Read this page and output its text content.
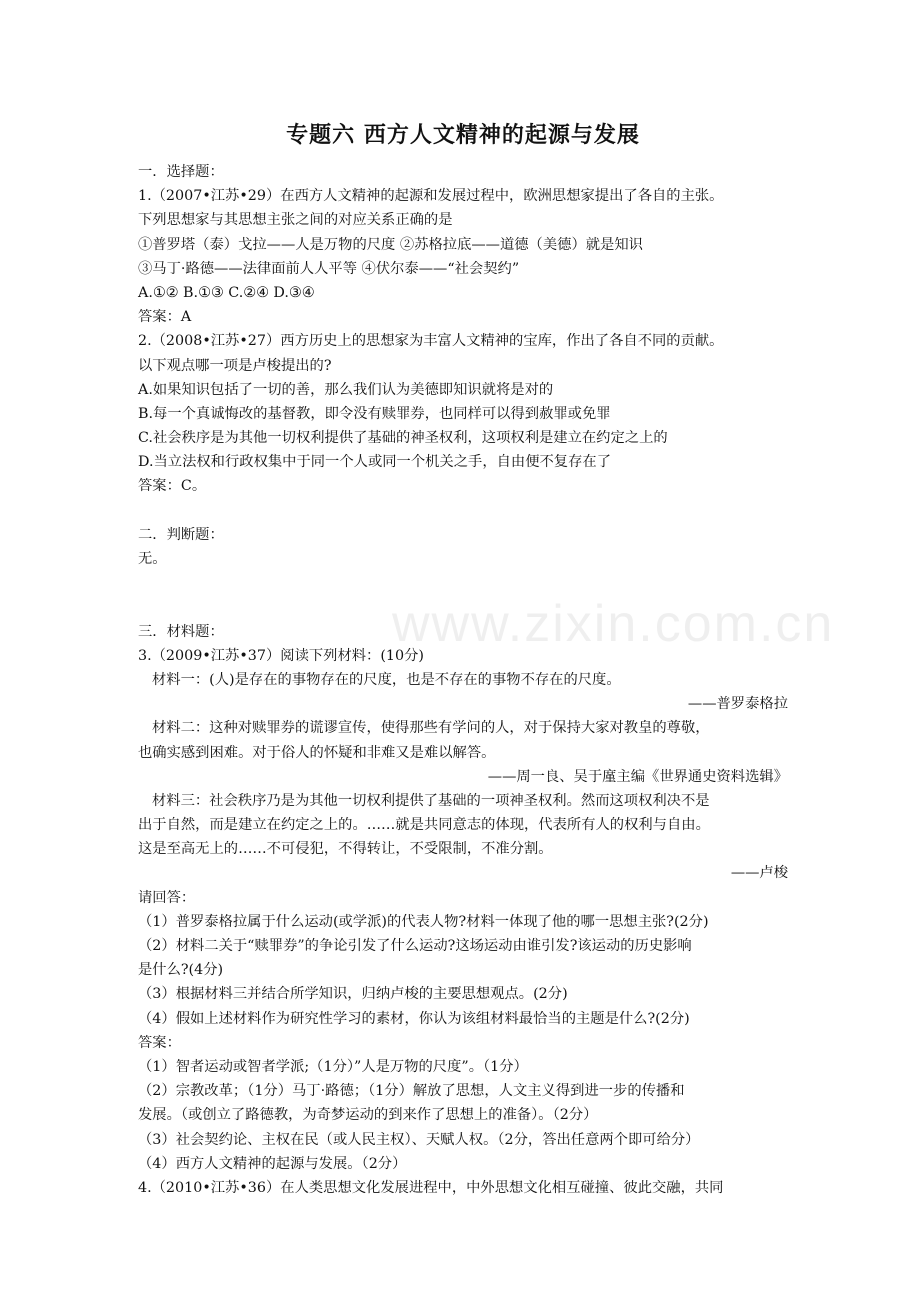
www.zixin.com.cn
专题六 西方人文精神的起源与发展
一．选择题：
1.（2007•江苏•29）在西方人文精神的起源和发展过程中，欧洲思想家提出了各自的主张。
下列思想家与其思想主张之间的对应关系正确的是
①普罗塔（泰）戈拉——人是万物的尺度 ②苏格拉底——道德（美德）就是知识
③马丁·路德——法律面前人人平等 ④伏尔泰——“社会契约”
A.①② B.①③ C.②④ D.③④
答案：A
2.（2008•江苏•27）西方历史上的思想家为丰富人文精神的宝库，作出了各自不同的贡献。
以下观点哪一项是卢梭提出的?
A.如果知识包括了一切的善，那么我们认为美德即知识就将是对的
B.每一个真诚悔改的基督教，即令没有赎罪券，也同样可以得到赦罪或免罪
C.社会秩序是为其他一切权利提供了基础的神圣权利，这项权利是建立在约定之上的
D.当立法权和行政权集中于同一个人或同一个机关之手，自由便不复存在了
答案：C。
二．判断题：
无。
三．材料题：
3.（2009•江苏•37）阅读下列材料：(10分)
材料一：(人)是存在的事物存在的尺度，也是不存在的事物不存在的尺度。
——普罗泰格拉
材料二：这种对赎罪券的谎谬宣传，使得那些有学问的人，对于保持大家对教皇的尊敬，
也确实感到困难。对于俗人的怀疑和非难又是难以解答。
——周一良、吴于廑主编《世界通史资料选辑》
材料三：社会秩序乃是为其他一切权利提供了基础的一项神圣权利。然而这项权利决不是
出于自然，而是建立在约定之上的。……就是共同意志的体现，代表所有人的权利与自由。
这是至高无上的……不可侵犯，不得转让，不受限制，不准分割。
——卢梭
请回答：
（1）普罗泰格拉属于什么运动(或学派)的代表人物?材料一体现了他的哪一思想主张?(2分)
（2）材料二关于“赎罪券”的争论引发了什么运动?这场运动由谁引发?该运动的历史影响
是什么?(4分)
（3）根据材料三并结合所学知识，归纳卢梭的主要思想观点。(2分)
（4）假如上述材料作为研究性学习的素材，你认为该组材料最恰当的主题是什么?(2分)
答案：
（1）智者运动或智者学派;（1分）”人是万物的尺度”。（1分）
（2）宗教改革；（1分）马丁·路德；（1分）解放了思想，人文主义得到进一步的传播和
发展。（或创立了路德教，为奇梦运动的到来作了思想上的准备）。（2分）
（3）社会契约论、主权在民（或人民主权）、天赋人权。（2分，答出任意两个即可给分）
（4）西方人文精神的起源与发展。（2分）
4.（2010•江苏•36）在人类思想文化发展进程中，中外思想文化相互碰撞、彼此交融，共同
